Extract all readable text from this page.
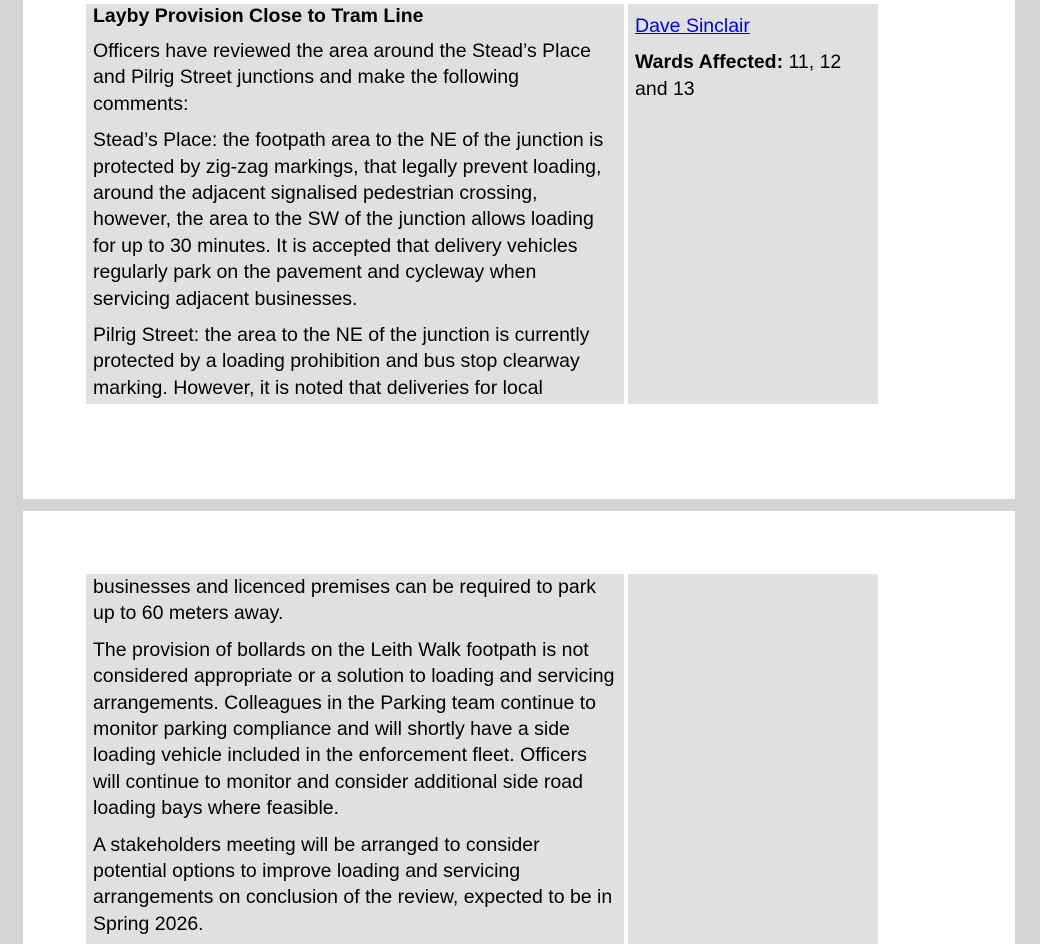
Layby Provision Close to Tram Line

Officers have reviewed the area around the Stead’s Place and Pilrig Street junctions and make the following comments:

Stead’s Place: the footpath area to the NE of the junction is protected by zig-zag markings, that legally prevent loading, around the adjacent signalised pedestrian crossing, however, the area to the SW of the junction allows loading for up to 30 minutes. It is accepted that delivery vehicles regularly park on the pavement and cycleway when servicing adjacent businesses.

Pilrig Street: the area to the NE of the junction is currently protected by a loading prohibition and bus stop clearway marking. However, it is noted that deliveries for local

Dave Sinclair

Wards Affected: 11, 12 and 13

businesses and licenced premises can be required to park up to 60 meters away.

The provision of bollards on the Leith Walk footpath is not considered appropriate or a solution to loading and servicing arrangements. Colleagues in the Parking team continue to monitor parking compliance and will shortly have a side loading vehicle included in the enforcement fleet. Officers will continue to monitor and consider additional side road loading bays where feasible.

A stakeholders meeting will be arranged to consider potential options to improve loading and servicing arrangements on conclusion of the review, expected to be in Spring 2026.
